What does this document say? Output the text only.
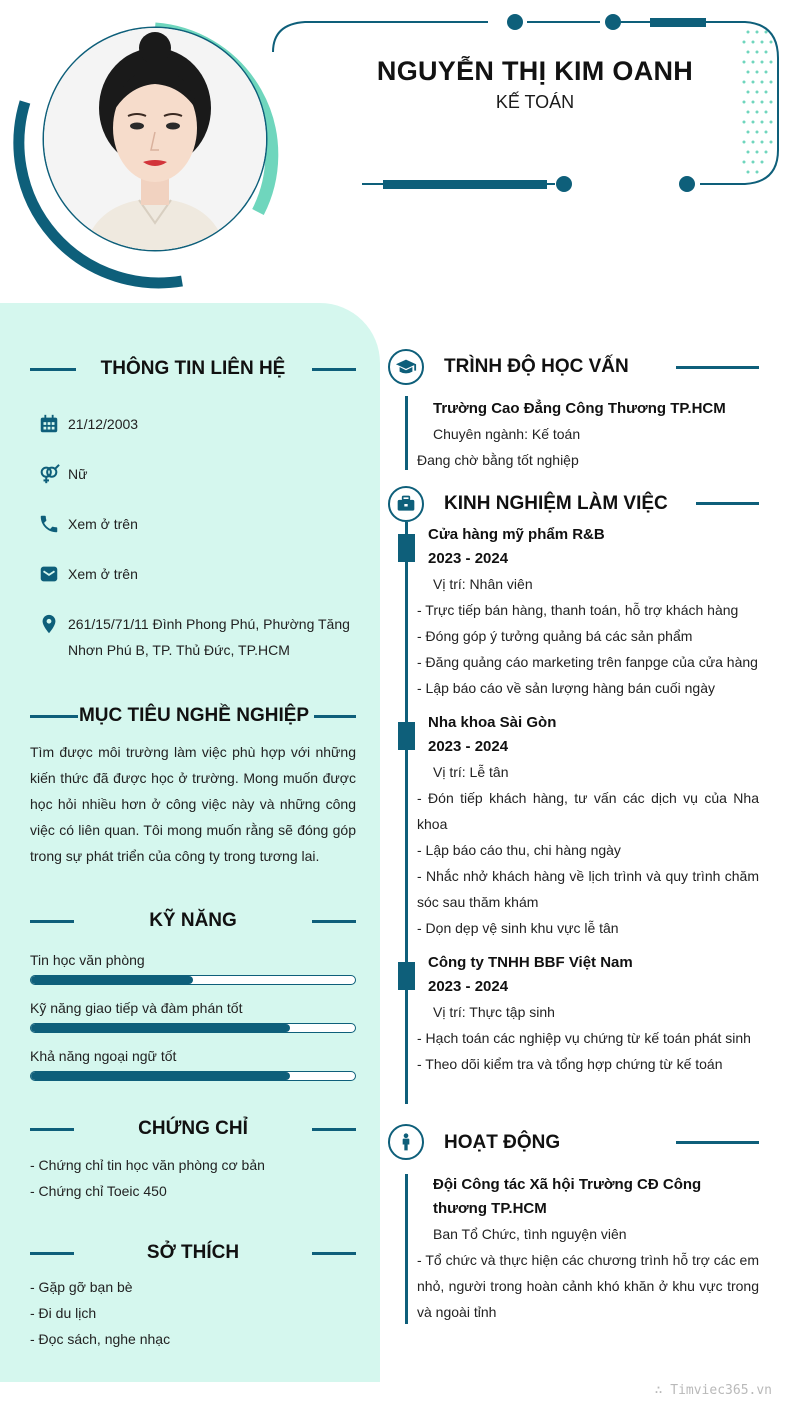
NGUYỄN THỊ KIM OANH
KẾ TOÁN
THÔNG TIN LIÊN HỆ
21/12/2003
Nữ
Xem ở trên
Xem ở trên
261/15/71/11 Đình Phong Phú, Phường Tăng Nhơn Phú B, TP. Thủ Đức, TP.HCM
MỤC TIÊU NGHỀ NGHIỆP
Tìm được môi trường làm việc phù hợp với những kiến thức đã được học ở trường. Mong muốn được học hỏi nhiều hơn ở công việc này và những công việc có liên quan. Tôi mong muốn rằng sẽ đóng góp trong sự phát triển của công ty trong tương lai.
KỸ NĂNG
Tin học văn phòng
Kỹ năng giao tiếp và đàm phán tốt
Khả năng ngoại ngữ tốt
CHỨNG CHỈ
- Chứng chỉ tin học văn phòng cơ bản
- Chứng chỉ Toeic 450
SỞ THÍCH
- Gặp gỡ bạn bè
- Đi du lịch
- Đọc sách, nghe nhạc
TRÌNH ĐỘ HỌC VẤN
Trường Cao Đẳng Công Thương TP.HCM
Chuyên ngành: Kế toán
Đang chờ bằng tốt nghiệp
KINH NGHIỆM LÀM VIỆC
Cửa hàng mỹ phẩm R&B
2023 - 2024
Vị trí: Nhân viên
- Trực tiếp bán hàng, thanh toán, hỗ trợ khách hàng
- Đóng góp ý tưởng quảng bá các sản phẩm
- Đăng quảng cáo marketing trên fanpge của cửa hàng
- Lập báo cáo về sản lượng hàng bán cuối ngày
Nha khoa Sài Gòn
2023 - 2024
Vị trí: Lễ tân
- Đón tiếp khách hàng, tư vấn các dịch vụ của Nha khoa
- Lập báo cáo thu, chi hàng ngày
- Nhắc nhở khách hàng về lịch trình và quy trình chăm sóc sau thăm khám
- Dọn dẹp vệ sinh khu vực lễ tân
Công ty TNHH BBF Việt Nam
2023 - 2024
Vị trí: Thực tập sinh
- Hạch toán các nghiệp vụ chứng từ kế toán phát sinh
- Theo dõi kiểm tra và tổng hợp chứng từ kế toán
HOẠT ĐỘNG
Đội Công tác Xã hội Trường CĐ Công thương TP.HCM
Ban Tổ Chức, tình nguyện viên
- Tổ chức và thực hiện các chương trình hỗ trợ các em nhỏ, người trong hoàn cảnh khó khăn ở khu vực trong và ngoài tỉnh
∴ Timviec365.vn
